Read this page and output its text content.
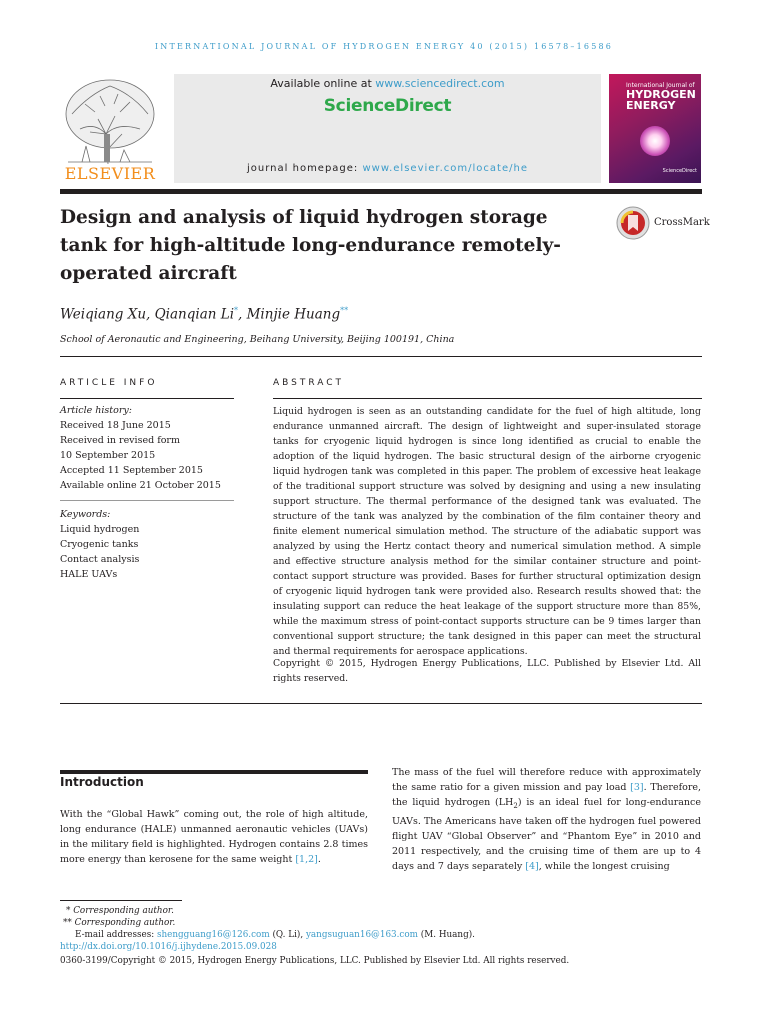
INTERNATIONAL JOURNAL OF HYDROGEN ENERGY 40 (2015) 16578–16586
ELSEVIER
Available online at www.sciencedirect.com
ScienceDirect
journal homepage: www.elsevier.com/locate/he
International Journal of
HYDROGEN
ENERGY
ScienceDirect
Design and analysis of liquid hydrogen storage tank for high-altitude long-endurance remotely-operated aircraft
CrossMark
Weiqiang Xu, Qianqian Li*, Minjie Huang**
School of Aeronautic and Engineering, Beihang University, Beijing 100191, China
ARTICLE INFO
Article history:
Received 18 June 2015
Received in revised form
10 September 2015
Accepted 11 September 2015
Available online 21 October 2015
Keywords:
Liquid hydrogen
Cryogenic tanks
Contact analysis
HALE UAVs
ABSTRACT
Liquid hydrogen is seen as an outstanding candidate for the fuel of high altitude, long endurance unmanned aircraft. The design of lightweight and super-insulated storage tanks for cryogenic liquid hydrogen is since long identified as crucial to enable the adoption of the liquid hydrogen. The basic structural design of the airborne cryogenic liquid hydrogen tank was completed in this paper. The problem of excessive heat leakage of the traditional support structure was solved by designing and using a new insulating support structure. The thermal performance of the designed tank was evaluated. The structure of the tank was analyzed by the combination of the film container theory and finite element numerical simulation method. The structure of the adiabatic support was analyzed by using the Hertz contact theory and numerical simulation method. A simple and effective structure analysis method for the similar container structure and point-contact support structure was provided. Bases for further structural optimization design of cryogenic liquid hydrogen tank were provided also. Research results showed that: the insulating support can reduce the heat leakage of the support structure more than 85%, while the maximum stress of point-contact supports structure can be 9 times larger than conventional support structure; the tank designed in this paper can meet the structural and thermal requirements for aerospace applications.
Copyright © 2015, Hydrogen Energy Publications, LLC. Published by Elsevier Ltd. All rights reserved.
Introduction
With the “Global Hawk” coming out, the role of high altitude, long endurance (HALE) unmanned aeronautic vehicles (UAVs) in the military field is highlighted. Hydrogen contains 2.8 times more energy than kerosene for the same weight [1,2].
The mass of the fuel will therefore reduce with approximately the same ratio for a given mission and pay load [3]. Therefore, the liquid hydrogen $(LH_2)$ is an ideal fuel for long-endurance UAVs. The Americans have taken off the hydrogen fuel powered flight UAV “Global Observer” and “Phantom Eye” in 2010 and 2011 respectively, and the cruising time of them are up to 4 days and 7 days separately [4], while the longest cruising
* Corresponding author.
** Corresponding author.
E-mail addresses: shengguang16@126.com (Q. Li), yangsuguan16@163.com (M. Huang).
http://dx.doi.org/10.1016/j.ijhydene.2015.09.028
0360-3199/Copyright © 2015, Hydrogen Energy Publications, LLC. Published by Elsevier Ltd. All rights reserved.
